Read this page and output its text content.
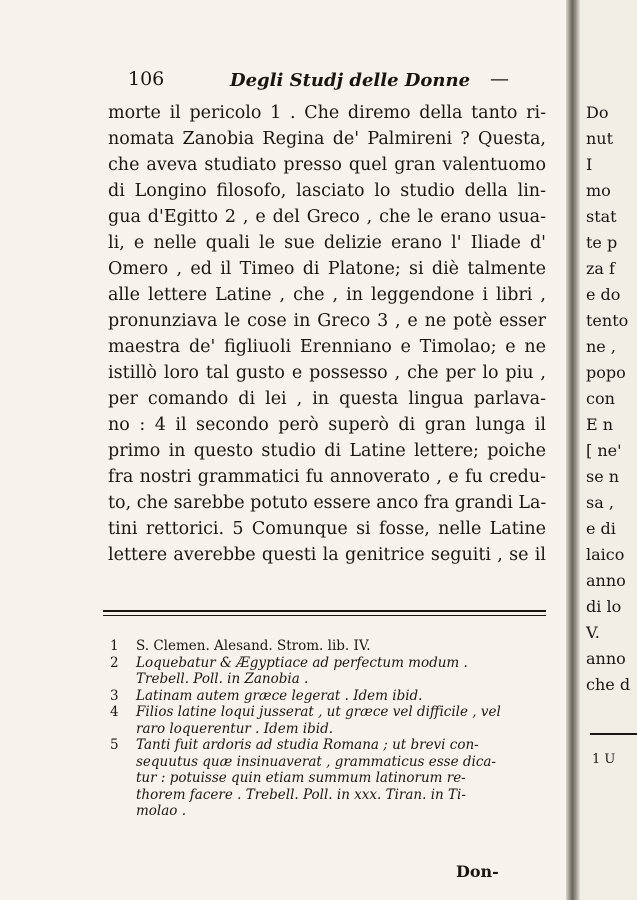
106	Degli Studj delle Donne —
morte il pericolo 1 . Che diremo della tanto ri-
nomata Zanobia Regina de' Palmireni ? Questa,
che aveva studiato presso quel gran valentuomo
di Longino filosofo, lasciato lo studio della lin-
gua d'Egitto 2 , e del Greco , che le erano usua-
li, e nelle quali le sue delizie erano l' Iliade d'
Omero , ed il Timeo di Platone; si diè talmente
alle lettere Latine , che , in leggendone i libri ,
pronunziava le cose in Greco 3 , e ne potè esser
maestra de' figliuoli Erenniano e Timolao; e ne
istillò loro tal gusto e possesso , che per lo piu ,
per comando di lei , in questa lingua parlava-
no : 4 il secondo però superò di gran lunga il
primo in questo studio di Latine lettere; poiche
fra nostri grammatici fu annoverato , e fu credu-
to, che sarebbe potuto essere anco fra grandi La-
tini rettorici. 5 Comunque si fosse, nelle Latine
lettere averebbe questi la genitrice seguiti , se il
1	S. Clemen. Alesand. Strom. lib. IV.
2	Loquebatur & Ægyptiace ad perfectum modum .
Trebell. Poll. in Zanobia .
3	Latinam autem græce legerat . Idem ibid.
4	Filios latine loqui jusserat , ut græce vel difficile , vel
raro loquerentur . Idem ibid.
5	Tanti fuit ardoris ad studia Romana ; ut brevi con-
sequutus quæ insinuaverat , grammaticus esse dica-
tur : potuisse quin etiam summum latinorum re-
thorem facere . Trebell. Poll. in xxx. Tiran. in Ti-
molao .
Don-
Do
nut
I
mo
stat
te p
za f
e do
tento
ne ,
popo
con
E n
[ ne'
se n
sa ,
e di
laico
anno
di lo
V.
anno
che d
1 U
